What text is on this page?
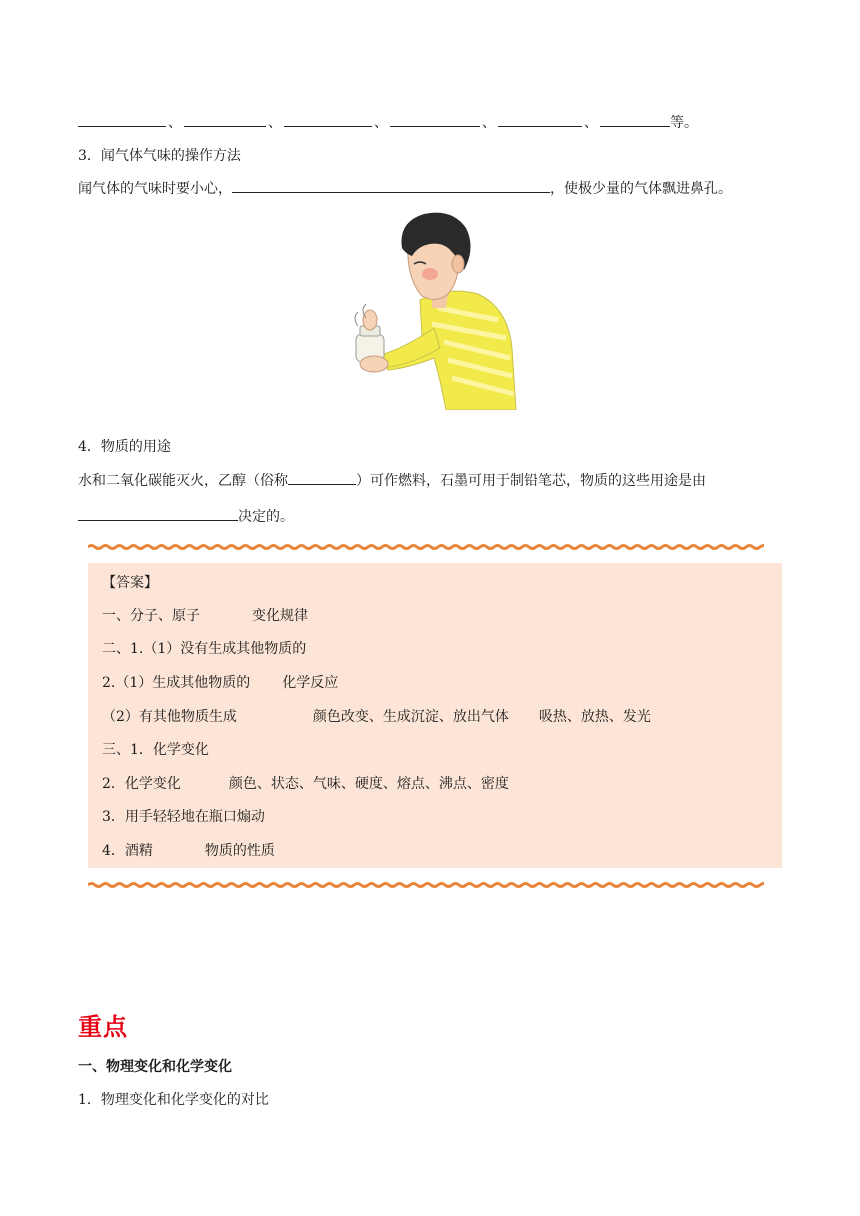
、	、	、	、	、	等。
3．闻气体气味的操作方法
闻气体的气味时要小心，	，使极少量的气体飘进鼻孔。
4．物质的用途
水和二氧化碳能灭火，乙醇（俗称	）可作燃料，石墨可用于制铅笔芯，物质的这些用途是由
决定的。
【答案】
一、分子、原子	变化规律
二、1.（1）没有生成其他物质的
2.（1）生成其他物质的 化学反应
（2）有其他物质生成	颜色改变、生成沉淀、放出气体 吸热、放热、发光
三、1．化学变化
2．化学变化	颜色、状态、气味、硬度、熔点、沸点、密度
3．用手轻轻地在瓶口煽动
4．酒精	物质的性质
重点
一、物理变化和化学变化
1．物理变化和化学变化的对比
